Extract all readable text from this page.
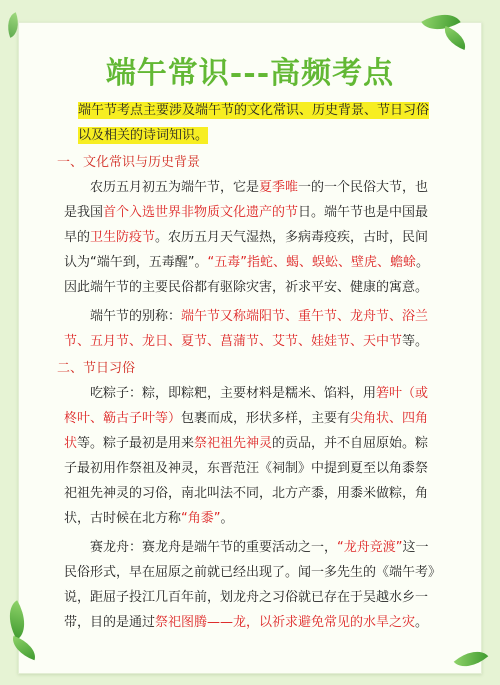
端午常识---高频考点
端午节考点主要涉及端午节的文化常识、历史背景、节日习俗以及相关的诗词知识。
一、文化常识与历史背景

农历五月初五为端午节，它是夏季唯一的一个民俗大节，也是我国首个入选世界非物质文化遗产的节日。端午节也是中国最早的卫生防疫节。农历五月天气湿热，多病毒疫疾，古时，民间认为“端午到，五毒醒”。“五毒”指蛇、蝎、蜈蚣、壁虎、蟾蜍。因此端午节的主要民俗都有驱除灾害，祈求平安、健康的寓意。

端午节的别称：端午节又称端阳节、重午节、龙舟节、浴兰节、五月节、龙日、夏节、菖蒲节、艾节、娃娃节、天中节等。

二、节日习俗

吃粽子：粽，即粽粑，主要材料是糯米、馅料，用箬叶（或柊叶、簕古子叶等）包裹而成，形状多样，主要有尖角状、四角状等。粽子最初是用来祭祀祖先神灵的贡品，并不自屈原始。粽子最初用作祭祖及神灵，东晋范汪《祠制》中提到夏至以角黍祭祀祖先神灵的习俗，南北叫法不同，北方产黍，用黍米做粽，角状，古时候在北方称“角黍”。

赛龙舟：赛龙舟是端午节的重要活动之一，“龙舟竞渡”这一民俗形式，早在屈原之前就已经出现了。闻一多先生的《端午考》说，距屈子投江几百年前，划龙舟之习俗就已存在于吴越水乡一带，目的是通过祭祀图腾——龙，以祈求避免常见的水旱之灾。
